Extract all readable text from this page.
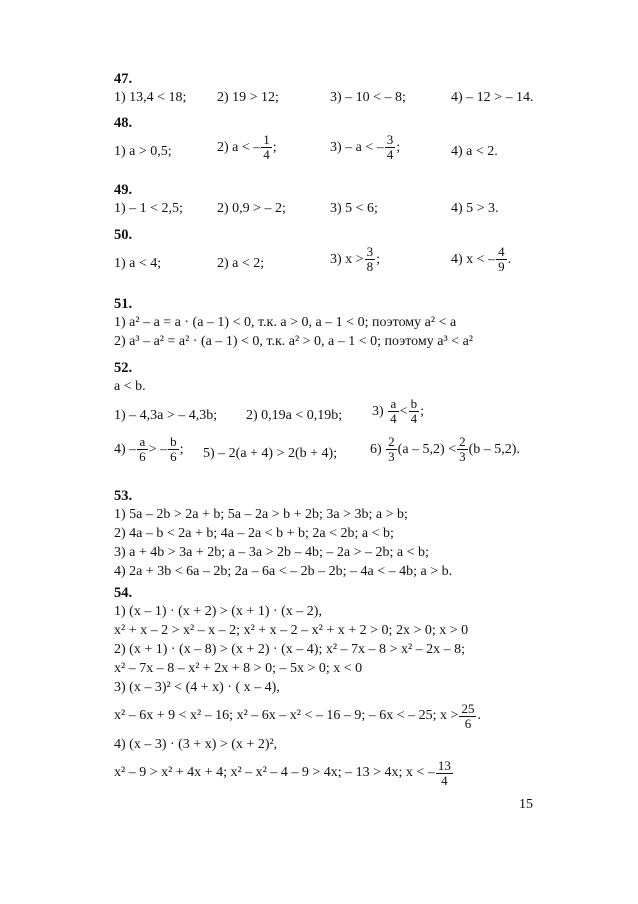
47.
1) 13,4 < 18; 2) 19 > 12;	3) – 10 < – 8;	4) – 12 > – 14.
48.
1) a > 0,5;	2) a < – $\frac{1}{4}$ ;	3) – a < – $\frac{3}{4}$ ;	4) a < 2.
49.
1) – 1 < 2,5; 2) 0,9 > – 2;	3) 5 < 6;	4) 5 > 3.
50.
1) a < 4;	2) a < 2;	3) $x > \frac{3}{8}$ ;	4) x < – $\frac{4}{9}$ .
51.
1) a² – a = a · (a – 1) < 0, т.к. a > 0, a – 1 < 0; поэтому a² < a
2) a³ – a² = a² · (a – 1) < 0, т.к. a² > 0, a – 1 < 0; поэтому a³ < a²
52.
a < b.
1) – 4,3a > – 4,3b; 2) 0,19a < 0,19b; $3) \frac{a}{4} < \frac{b}{4}$ ;
$4) - \frac{a}{6}$ > – $\frac{b}{6}$ ; 5) – 2(a + 4) > 2(b + 4); $6) \frac{2}{3} (a - 5,2) < \frac{2}{3} (b - 5,2)$.
53.
1) 5a – 2b > 2a + b; 5a – 2a > b + 2b; 3a > 3b; a > b;
2) 4a – b < 2a + b; 4a – 2a < b + b; 2a < 2b; a < b;
3) a + 4b > 3a + 2b; a – 3a > 2b – 4b; – 2a > – 2b; a < b;
4) 2a + 3b < 6a – 2b; 2a – 6a < – 2b – 2b; – 4a < – 4b; a > b.
54.
1) (x – 1) · (x + 2) > (x + 1) · (x – 2),
x² + x – 2 > x² – x – 2; x² + x – 2 – x² + x + 2 > 0; 2x > 0; x > 0
2) (x + 1) · (x – 8) > (x + 2) · (x – 4); x² – 7x – 8 > x² – 2x – 8;
x² – 7x – 8 – x² + 2x + 8 > 0; – 5x > 0; x < 0
3) (x – 3)² < (4 + x) · ( x – 4),
x² – 6x + 9 < x² – 16; x² – 6x – x² < – 16 – 9; – 6x < – 25; $x > \frac{25}{6}$ .
4) (x – 3) · (3 + x) > (x + 2)²,
x² – 9 > x² + 4x + 4; x² – x² – 4 – 9 > 4x; – 13 > 4x; x < – $\frac{13}{4}$
15
